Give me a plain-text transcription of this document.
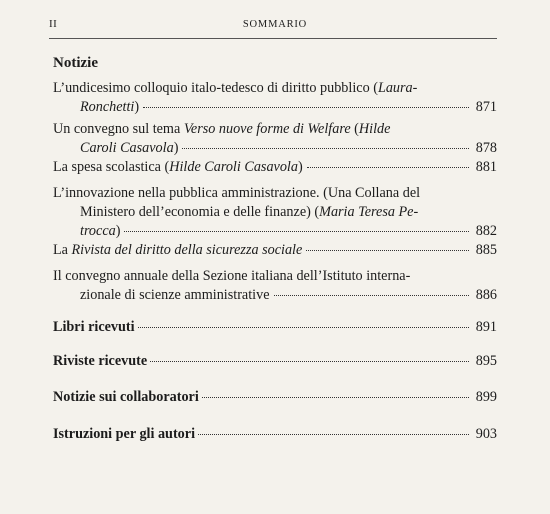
II	SOMMARIO
Notizie
L’undicesimo colloquio italo-tedesco di diritto pubblico (Laura-
Ronchetti)	871
Un convegno sul tema Verso nuove forme di Welfare (Hilde
Caroli Casavola)	878
La spesa scolastica (Hilde Caroli Casavola)	881
L’innovazione nella pubblica amministrazione. (Una Collana del
Ministero dell’economia e delle finanze) (Maria Teresa Pe-
trocca)	882
La Rivista del diritto della sicurezza sociale	885
Il convegno annuale della Sezione italiana dell’Istituto interna-
zionale di scienze amministrative	886
Libri ricevuti	891
Riviste ricevute	895
Notizie sui collaboratori	899
Istruzioni per gli autori	903
